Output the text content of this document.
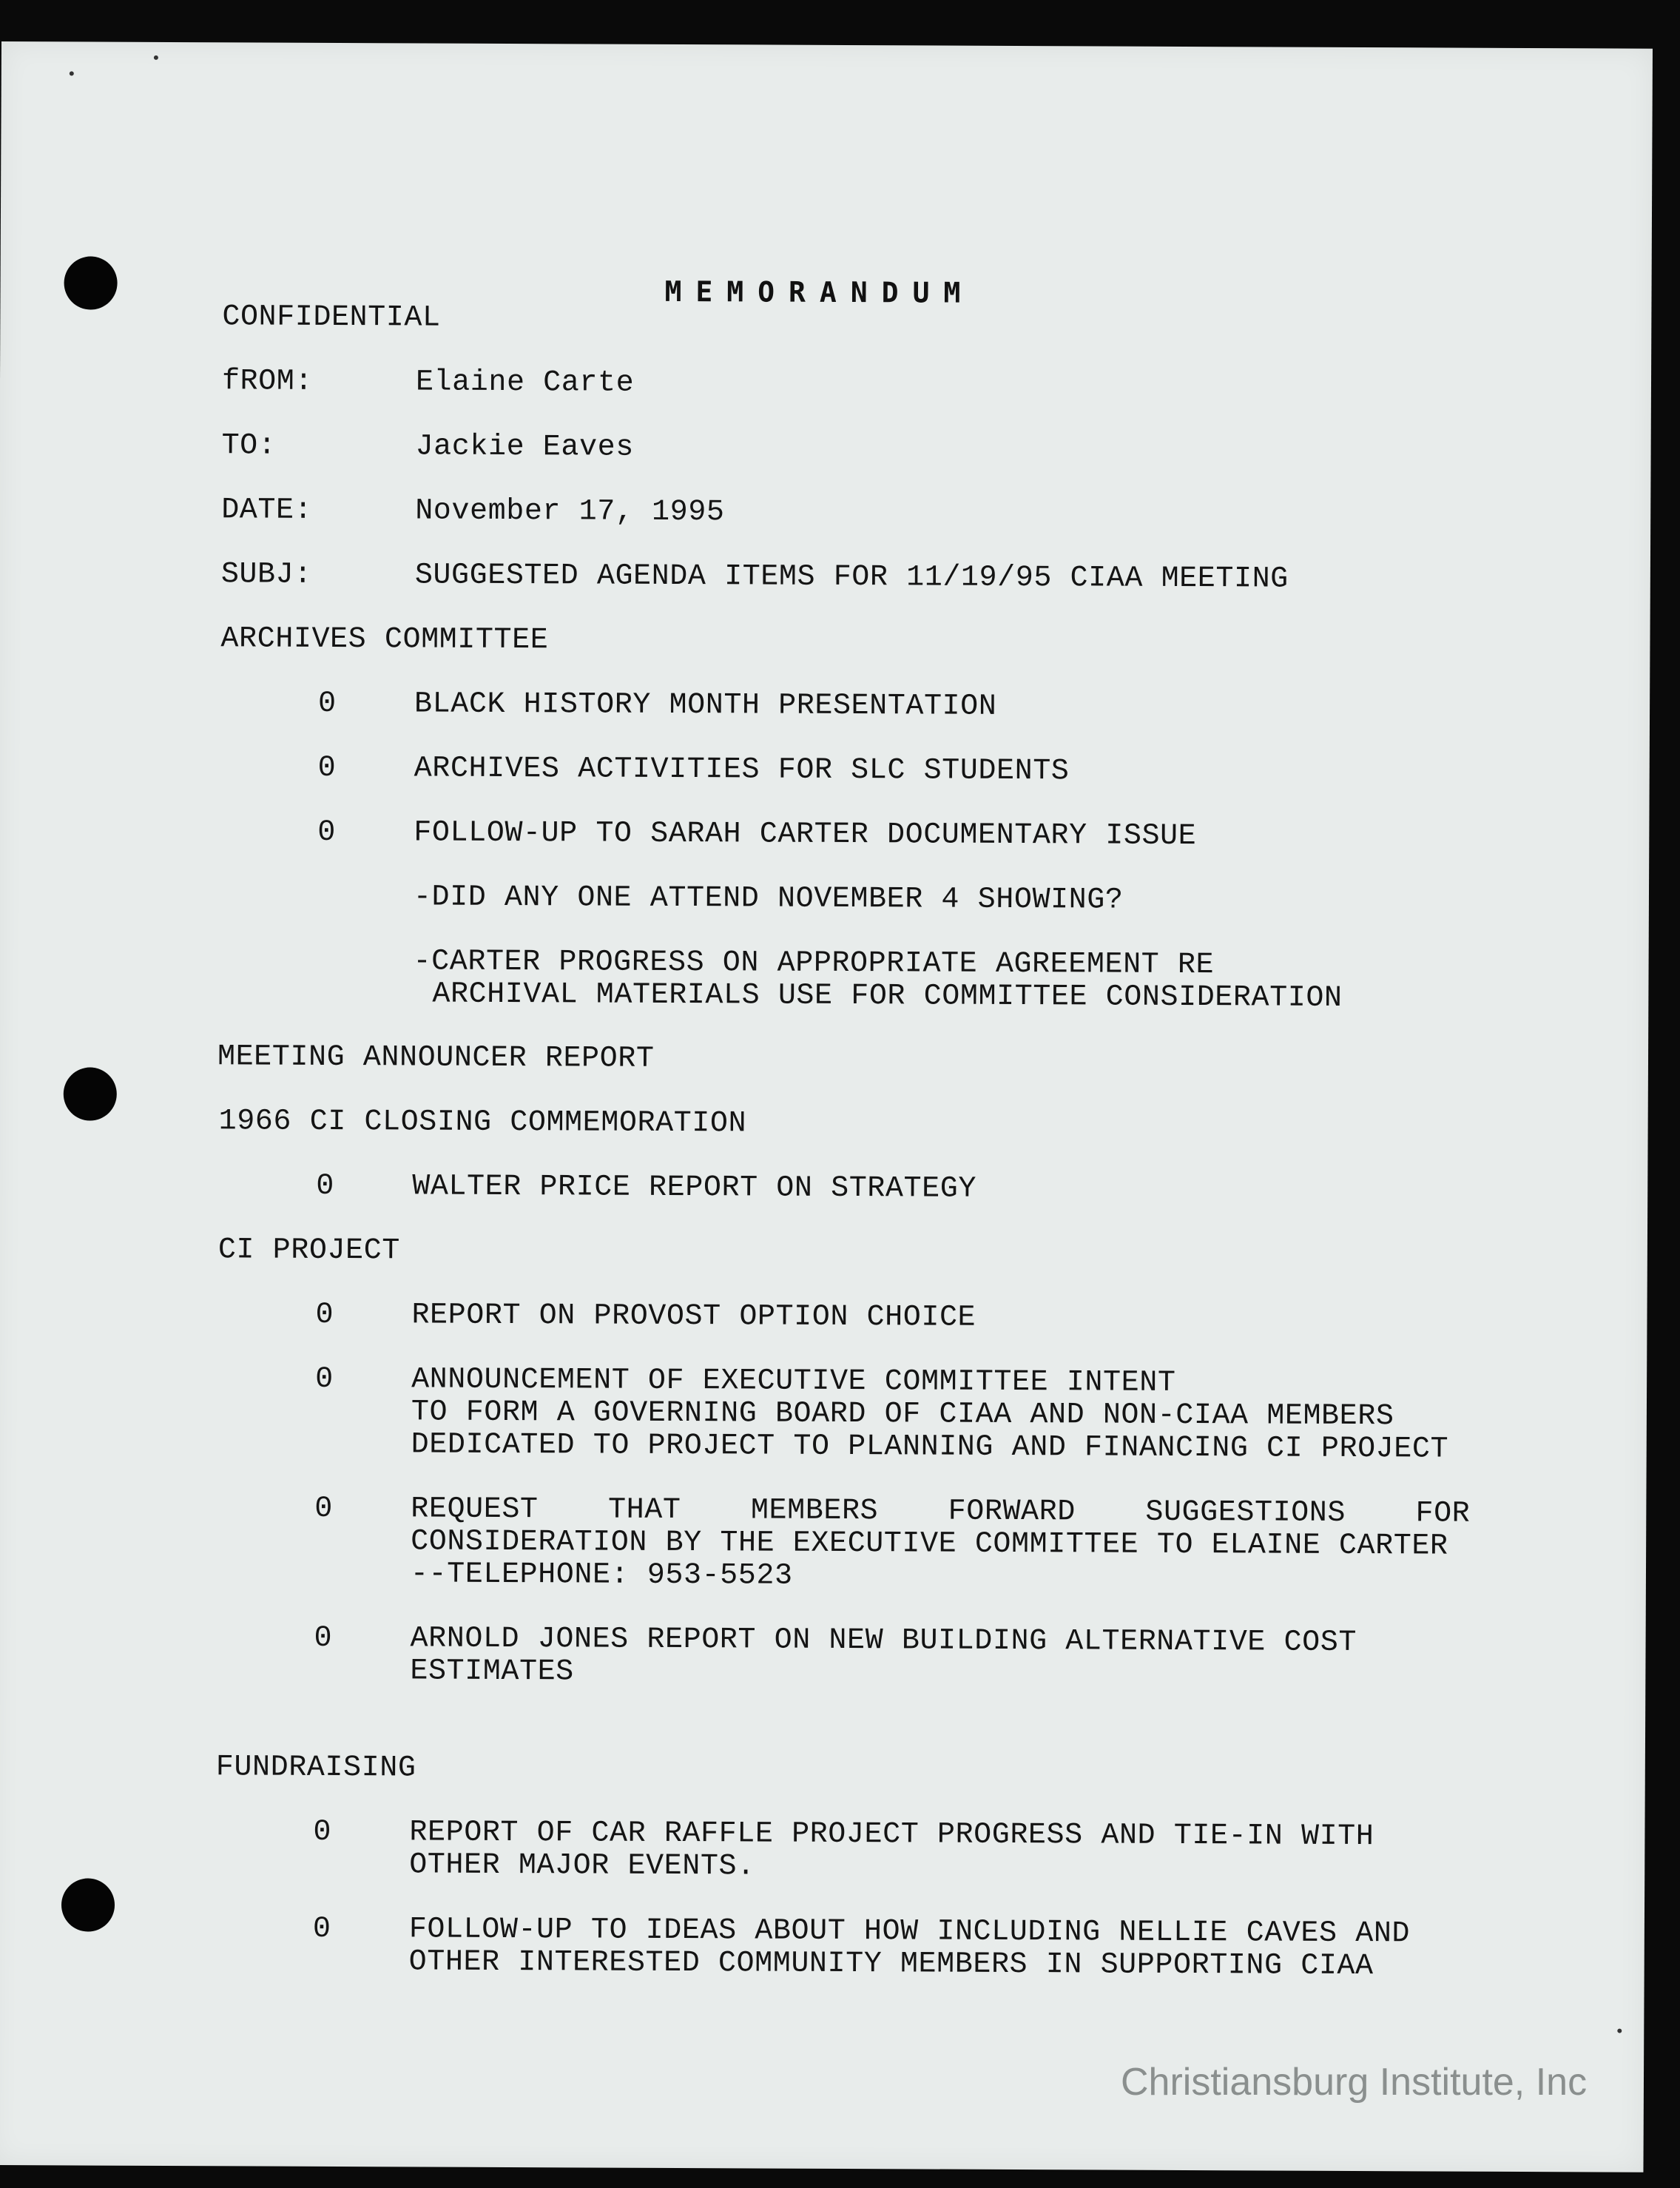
MEMORANDUM
CONFIDENTIAL
fROM:	Elaine Carte
TO:	Jackie Eaves
DATE:	November 17, 1995
SUBJ:	SUGGESTED AGENDA ITEMS FOR 11/19/95 CIAA MEETING
ARCHIVES COMMITTEE
0	BLACK HISTORY MONTH PRESENTATION
0	ARCHIVES ACTIVITIES FOR SLC STUDENTS
0	FOLLOW-UP TO SARAH CARTER DOCUMENTARY ISSUE
-DID ANY ONE ATTEND NOVEMBER 4 SHOWING?
-CARTER PROGRESS ON APPROPRIATE AGREEMENT RE
ARCHIVAL MATERIALS USE FOR COMMITTEE CONSIDERATION
MEETING ANNOUNCER REPORT
1966 CI CLOSING COMMEMORATION
0	WALTER PRICE REPORT ON STRATEGY
CI PROJECT
0	REPORT ON PROVOST OPTION CHOICE
0	ANNOUNCEMENT OF EXECUTIVE COMMITTEE INTENT
TO FORM A GOVERNING BOARD OF CIAA AND NON-CIAA MEMBERS
DEDICATED TO PROJECT TO PLANNING AND FINANCING CI PROJECT
0	REQUEST THAT MEMBERS FORWARD SUGGESTIONS FOR
CONSIDERATION BY THE EXECUTIVE COMMITTEE TO ELAINE CARTER
--TELEPHONE: 953-5523
0	ARNOLD JONES REPORT ON NEW BUILDING ALTERNATIVE COST
ESTIMATES
FUNDRAISING
0	REPORT OF CAR RAFFLE PROJECT PROGRESS AND TIE-IN WITH
OTHER MAJOR EVENTS.
0	FOLLOW-UP TO IDEAS ABOUT HOW INCLUDING NELLIE CAVES AND
OTHER INTERESTED COMMUNITY MEMBERS IN SUPPORTING CIAA
Christiansburg Institute, Inc
